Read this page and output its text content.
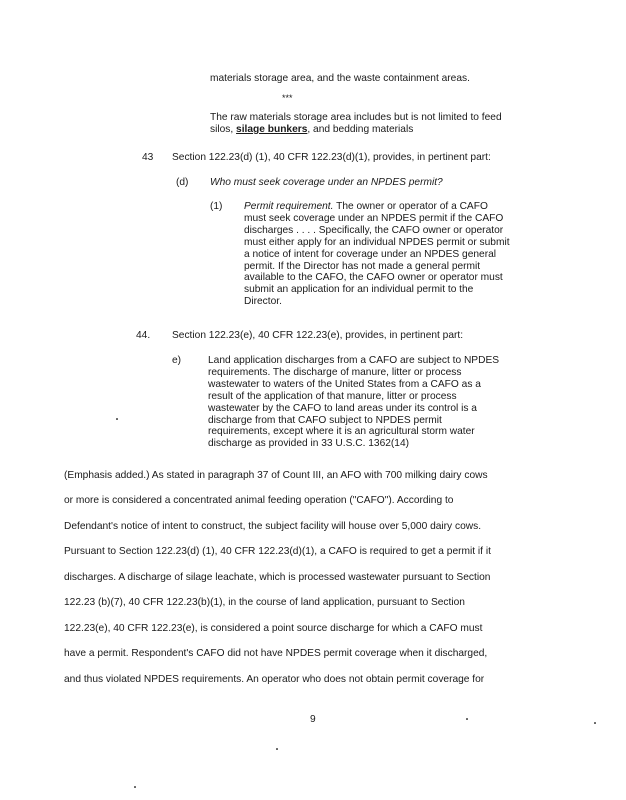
materials storage area, and the waste containment areas.
***
The raw materials storage area includes but is not limited to feed
silos, silage bunkers, and bedding materials
43 Section 122.23(d) (1), 40 CFR 122.23(d)(1), provides, in pertinent part:
(d) Who must seek coverage under an NPDES permit?
(1) Permit requirement. The owner or operator of a CAFO
must seek coverage under an NPDES permit if the CAFO
discharges . . . . Specifically, the CAFO owner or operator
must either apply for an individual NPDES permit or submit
a notice of intent for coverage under an NPDES general
permit. If the Director has not made a general permit
available to the CAFO, the CAFO owner or operator must
submit an application for an individual permit to the
Director.
44. Section 122.23(e), 40 CFR 122.23(e), provides, in pertinent part:
e)	Land application discharges from a CAFO are subject to NPDES
requirements. The discharge of manure, litter or process
wastewater to waters of the United States from a CAFO as a
result of the application of that manure, litter or process
wastewater by the CAFO to land areas under its control is a
discharge from that CAFO subject to NPDES permit
requirements, except where it is an agricultural storm water
discharge as provided in 33 U.S.C. 1362(14)
(Emphasis added.) As stated in paragraph 37 of Count III, an AFO with 700 milking dairy cows
or more is considered a concentrated animal feeding operation ("CAFO"). According to
Defendant's notice of intent to construct, the subject facility will house over 5,000 dairy cows.
Pursuant to Section 122.23(d) (1), 40 CFR 122.23(d)(1), a CAFO is required to get a permit if it
discharges. A discharge of silage leachate, which is processed wastewater pursuant to Section
122.23 (b)(7), 40 CFR 122.23(b)(1), in the course of land application, pursuant to Section
122.23(e), 40 CFR 122.23(e), is considered a point source discharge for which a CAFO must
have a permit. Respondent's CAFO did not have NPDES permit coverage when it discharged,
and thus violated NPDES requirements. An operator who does not obtain permit coverage for
9
